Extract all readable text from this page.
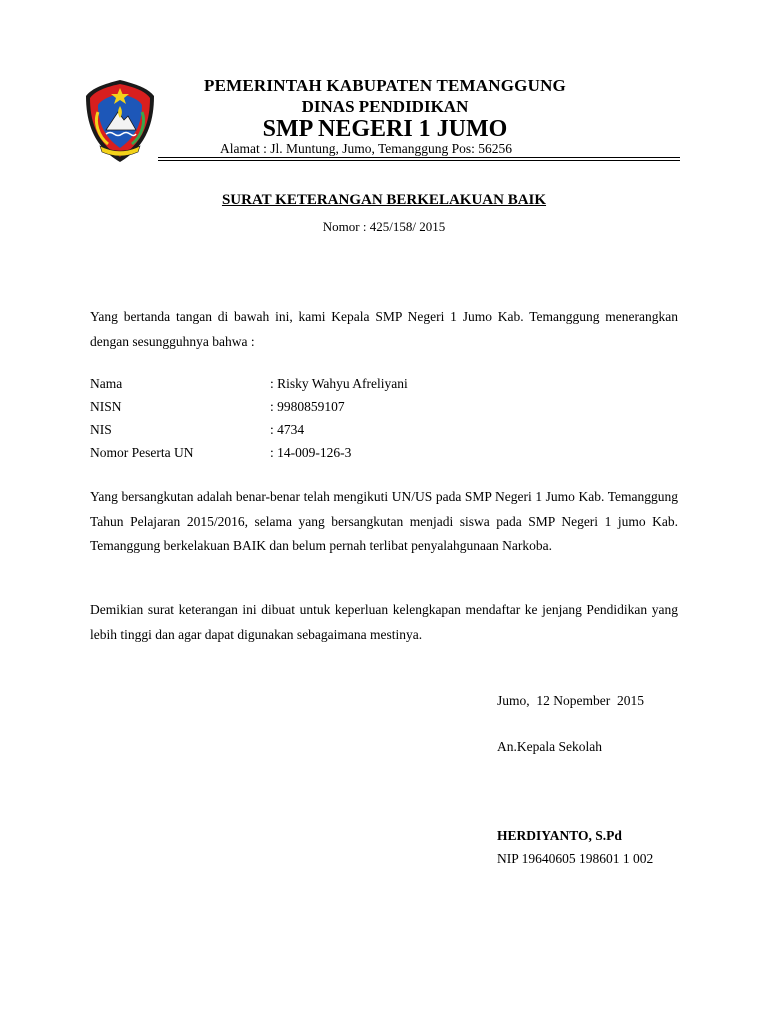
PEMERINTAH KABUPATEN TEMANGGUNG
DINAS PENDIDIKAN
SMP NEGERI 1 JUMO
Alamat : Jl. Muntung, Jumo, Temanggung Pos: 56256
SURAT KETERANGAN BERKELAKUAN BAIK
Nomor : 425/158/ 2015
Yang bertanda tangan di bawah ini, kami Kepala SMP Negeri 1 Jumo Kab. Temanggung menerangkan dengan sesungguhnya bahwa :
Nama	: Risky Wahyu Afreliyani
NISN	: 9980859107
NIS	: 4734
Nomor Peserta UN	: 14-009-126-3
Yang bersangkutan adalah benar-benar telah mengikuti UN/US pada SMP Negeri 1 Jumo Kab. Temanggung Tahun Pelajaran 2015/2016, selama yang bersangkutan menjadi siswa pada SMP Negeri 1 jumo Kab. Temanggung berkelakuan BAIK dan belum pernah terlibat penyalahgunaan Narkoba.
Demikian surat keterangan ini dibuat untuk keperluan kelengkapan mendaftar ke jenjang Pendidikan yang lebih tinggi dan agar dapat digunakan sebagaimana mestinya.
Jumo,  12 Nopember  2015
An.Kepala Sekolah
HERDIYANTO, S.Pd
NIP 19640605 198601 1 002
